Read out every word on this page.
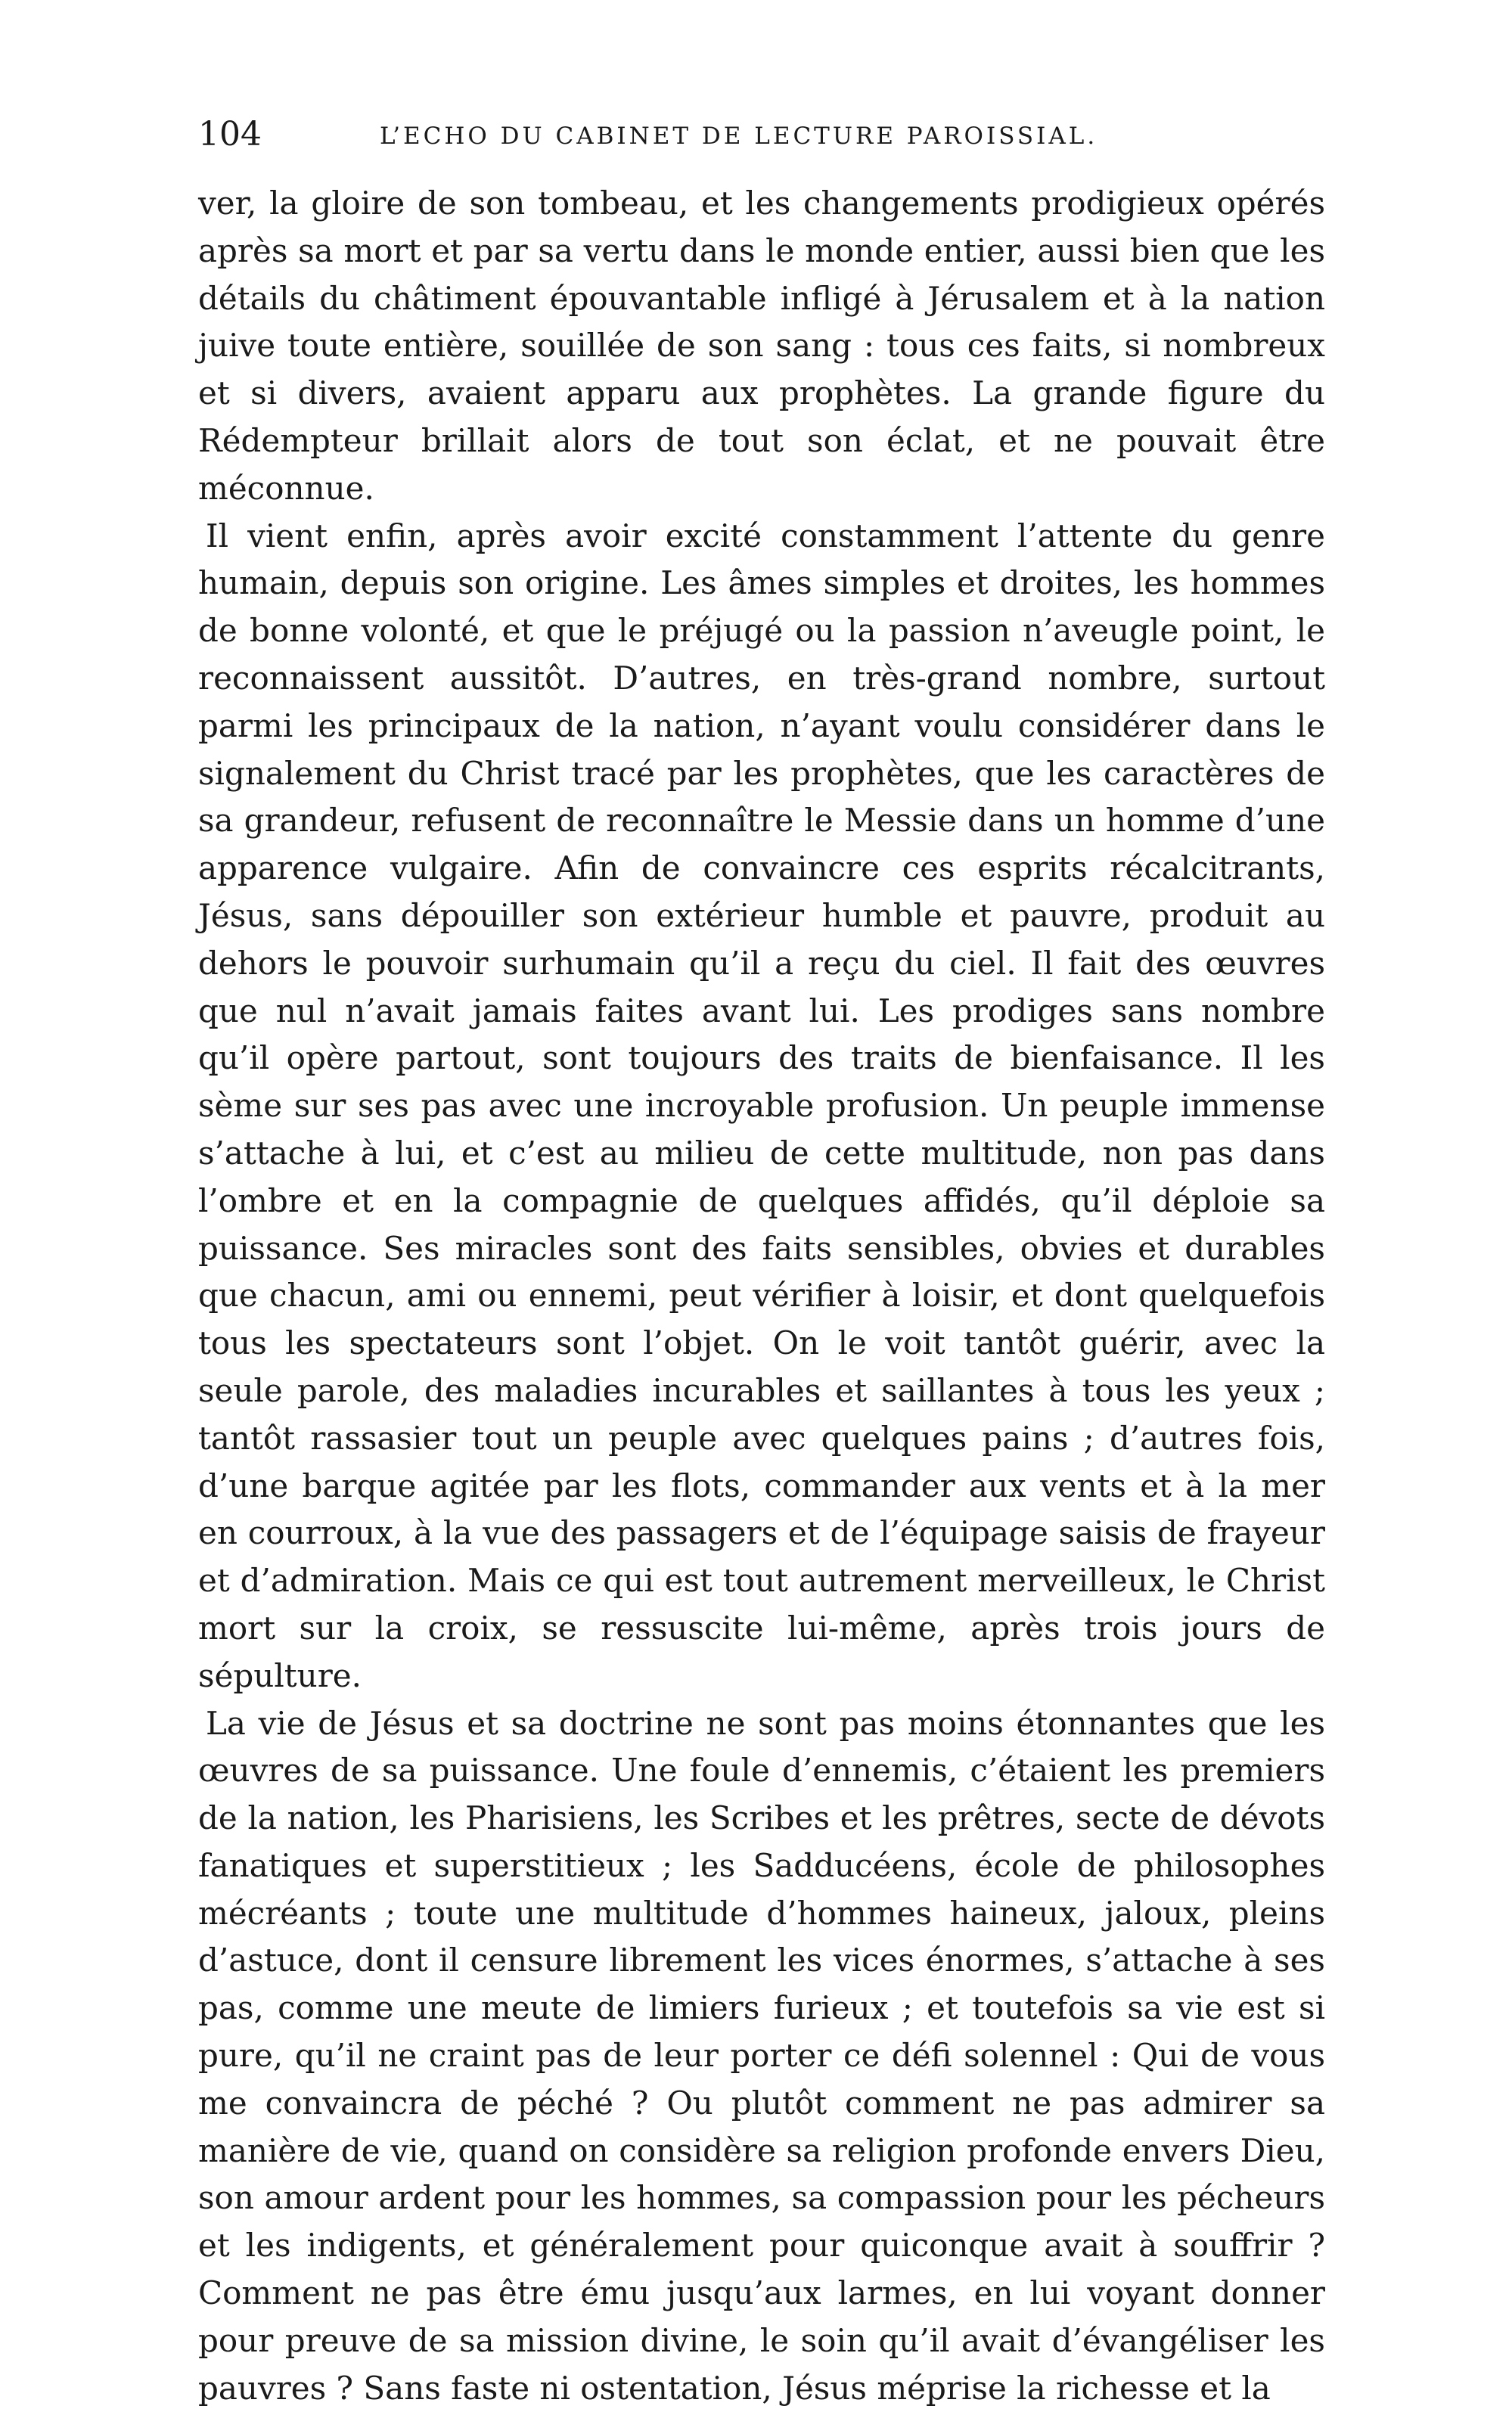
104	L’ECHO DU CABINET DE LECTURE PAROISSIAL.

ver, la gloire de son tombeau, et les changements prodigieux opérés après sa mort et par sa vertu dans le monde entier, aussi bien que les détails du châtiment épouvantable infligé à Jérusalem et à la nation juive toute entière, souillée de son sang : tous ces faits, si nombreux et si divers, avaient apparu aux prophètes. La grande figure du Rédempteur brillait alors de tout son éclat, et ne pouvait être méconnue.

Il vient enfin, après avoir excité constamment l’attente du genre humain, depuis son origine. Les âmes simples et droites, les hommes de bonne volonté, et que le préjugé ou la passion n’aveugle point, le reconnaissent aussitôt. D’autres, en très-grand nombre, surtout parmi les principaux de la nation, n’ayant voulu considérer dans le signalement du Christ tracé par les prophètes, que les caractères de sa grandeur, refusent de reconnaître le Messie dans un homme d’une apparence vulgaire. Afin de convaincre ces esprits récalcitrants, Jésus, sans dépouiller son extérieur humble et pauvre, produit au dehors le pouvoir surhumain qu’il a reçu du ciel. Il fait des œuvres que nul n’avait jamais faites avant lui. Les prodiges sans nombre qu’il opère partout, sont toujours des traits de bienfaisance. Il les sème sur ses pas avec une incroyable profusion. Un peuple immense s’attache à lui, et c’est au milieu de cette multitude, non pas dans l’ombre et en la compagnie de quelques affidés, qu’il déploie sa puissance. Ses miracles sont des faits sensibles, obvies et durables que chacun, ami ou ennemi, peut vérifier à loisir, et dont quelquefois tous les spectateurs sont l’objet. On le voit tantôt guérir, avec la seule parole, des maladies incurables et saillantes à tous les yeux ; tantôt rassasier tout un peuple avec quelques pains ; d’autres fois, d’une barque agitée par les flots, commander aux vents et à la mer en courroux, à la vue des passagers et de l’équipage saisis de frayeur et d’admiration. Mais ce qui est tout autrement merveilleux, le Christ mort sur la croix, se ressuscite lui-même, après trois jours de sépulture.

La vie de Jésus et sa doctrine ne sont pas moins étonnantes que les œuvres de sa puissance. Une foule d’ennemis, c’étaient les premiers de la nation, les Pharisiens, les Scribes et les prêtres, secte de dévots fanatiques et superstitieux ; les Sadducéens, école de philosophes mécréants ; toute une multitude d’hommes haineux, jaloux, pleins d’astuce, dont il censure librement les vices énormes, s’attache à ses pas, comme une meute de limiers furieux ; et toutefois sa vie est si pure, qu’il ne craint pas de leur porter ce défi solennel : Qui de vous me convaincra de péché ? Ou plutôt comment ne pas admirer sa manière de vie, quand on considère sa religion profonde envers Dieu, son amour ardent pour les hommes, sa compassion pour les pécheurs et les indigents, et généralement pour quiconque avait à souffrir ? Comment ne pas être ému jusqu’aux larmes, en lui voyant donner pour preuve de sa mission divine, le soin qu’il avait d’évangéliser les pauvres ? Sans faste ni ostentation, Jésus méprise la richesse et la
